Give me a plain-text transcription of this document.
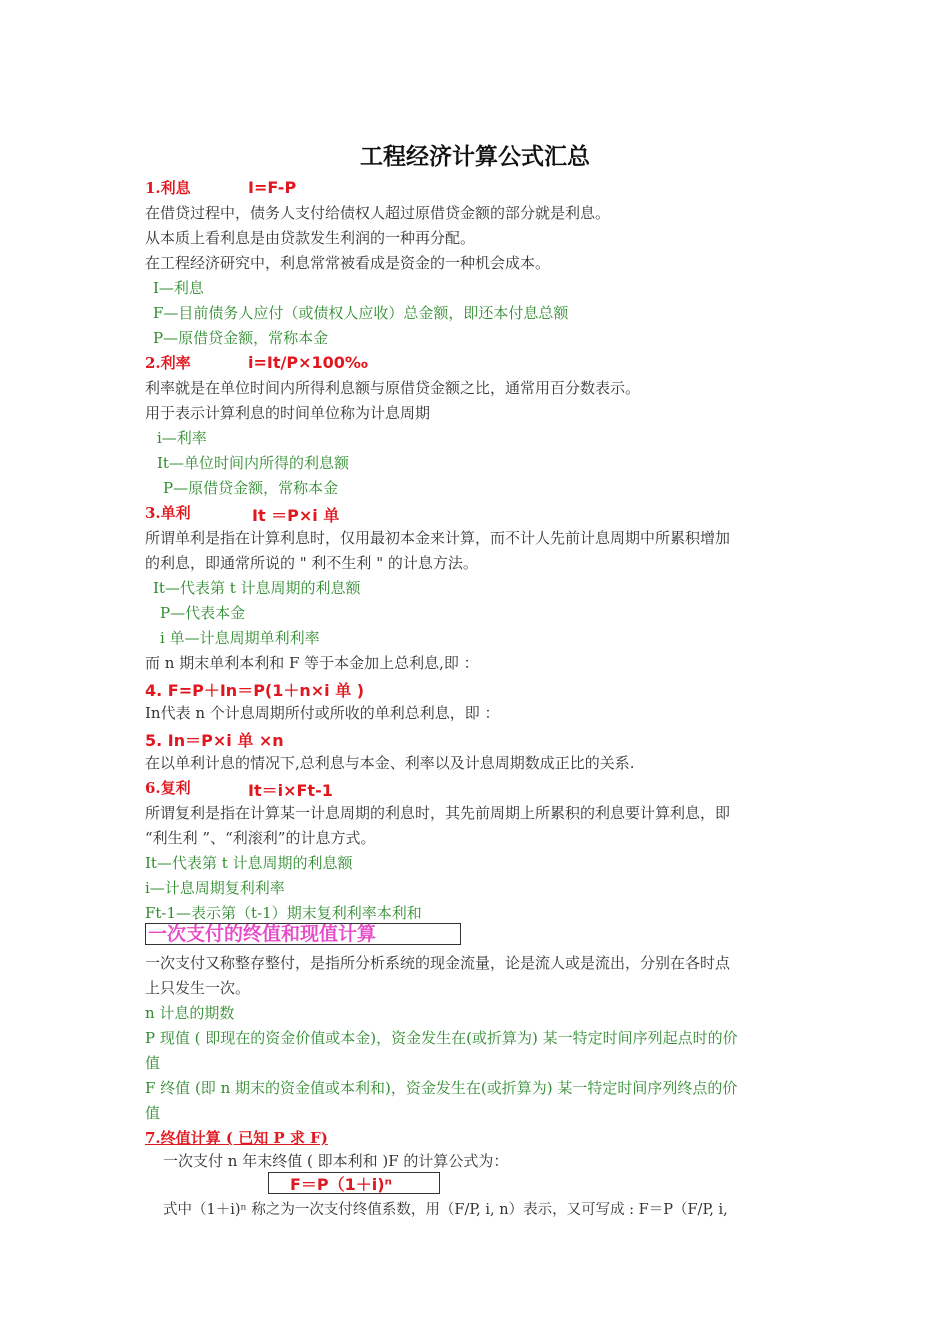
工程经济计算公式汇总
1.利息	I=F-P
在借贷过程中，债务人支付给债权人超过原借贷金额的部分就是利息。
从本质上看利息是由贷款发生利润的一种再分配。
在工程经济研究中，利息常常被看成是资金的一种机会成本。
I—利息
F—目前债务人应付（或债权人应收）总金额，即还本付息总额
P—原借贷金额，常称本金
2.利率	i=It/P×100‰
利率就是在单位时间内所得利息额与原借贷金额之比，通常用百分数表示。
用于表示计算利息的时间单位称为计息周期
i—利率
It—单位时间内所得的利息额
P—原借贷金额，常称本金
3.单利	It ＝P×i 单
所谓单利是指在计算利息时，仅用最初本金来计算，而不计人先前计息周期中所累积增加
的利息，即通常所说的 " 利不生利 " 的计息方法。
It—代表第 t 计息周期的利息额
P—代表本金
i 单—计息周期单利利率
而 n 期末单利本利和 F 等于本金加上总利息,即 ：
4. F=P＋In＝P(1＋n×i 单 )
In代表 n 个计息周期所付或所收的单利总利息，即 ：
5. In＝P×i 单 ×n
在以单利计息的情况下,总利息与本金、利率以及计息周期数成正比的关系.
6.复利	It＝i×Ft-1
所谓复利是指在计算某一计息周期的利息时，其先前周期上所累积的利息要计算利息，即
“利生利 ”、“利滚利”的计息方式。
It—代表第 t 计息周期的利息额
i—计息周期复利利率
Ft-1—表示第（t-1）期末复利利率本利和
一次支付的终值和现值计算
一次支付又称整存整付，是指所分析系统的现金流量，论是流人或是流出，分别在各时点
上只发生一次。
n 计息的期数
P 现值 ( 即现在的资金价值或本金)，资金发生在(或折算为) 某一特定时间序列起点时的价
值
F 终值 (即 n 期末的资金值或本利和)，资金发生在(或折算为) 某一特定时间序列终点的价
值
7.终值计算 ( 已知 P 求 F)
一次支付 n 年末终值 ( 即本利和 )F 的计算公式为：
F＝P（1＋i)ⁿ
式中（1＋i)ⁿ 称之为一次支付终值系数，用（F/P, i, n）表示，又可写成 : F＝P（F/P, i,
